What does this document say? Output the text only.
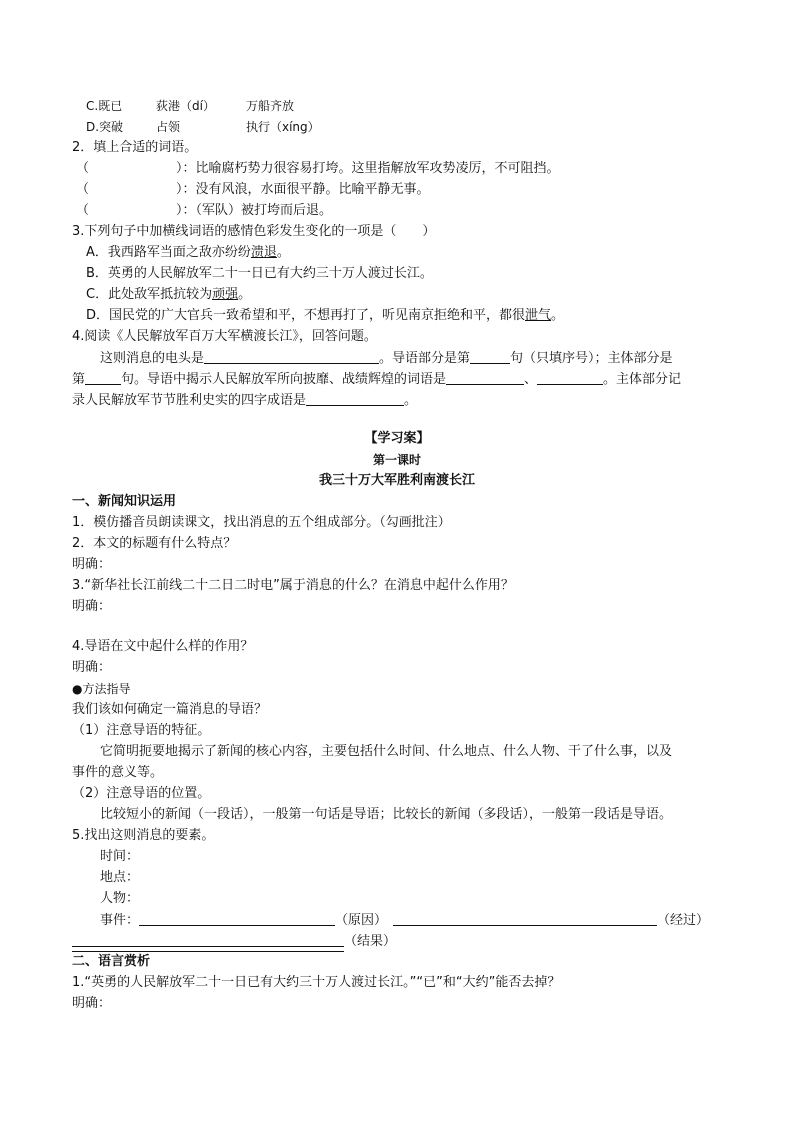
C.既已	荻港（dí）	万船齐放
D.突破	占领	执行（xíng）
2．填上合适的词语。
（	）：比喻腐朽势力很容易打垮。这里指解放军攻势凌厉，不可阻挡。
（	）：没有风浪，水面很平静。比喻平静无事。
（	）：（军队）被打垮而后退。
3.下列句子中加横线词语的感情色彩发生变化的一项是（　　）
A．我西路军当面之敌亦纷纷溃退。
B．英勇的人民解放军二十一日已有大约三十万人渡过长江。
C．此处敌军抵抗较为顽强。
D．国民党的广大官兵一致希望和平，不想再打了，听见南京拒绝和平，都很泄气。
4.阅读《人民解放军百万大军横渡长江》，回答问题。
这则消息的电头是	。导语部分是第	句（只填序号）；主体部分是
第	句。导语中揭示人民解放军所向披靡、战绩辉煌的词语是	、	。主体部分记
录人民解放军节节胜利史实的四字成语是	。
【学习案】
第一课时
我三十万大军胜利南渡长江
一、新闻知识运用
1．模仿播音员朗读课文，找出消息的五个组成部分。（勾画批注）
2．本文的标题有什么特点？
明确：
3.“新华社长江前线二十二日二时电”属于消息的什么？在消息中起什么作用？
明确：
4.导语在文中起什么样的作用？
明确：
●方法指导
我们该如何确定一篇消息的导语？
（1）注意导语的特征。
它简明扼要地揭示了新闻的核心内容，主要包括什么时间、什么地点、什么人物、干了什么事，以及
事件的意义等。
（2）注意导语的位置。
比较短小的新闻（一段话），一般第一句话是导语；比较长的新闻（多段话），一般第一段话是导语。
5.找出这则消息的要素。
时间：
地点：
人物：
事件：	（原因）	（经过）
（结果）
二、语言赏析
1.“英勇的人民解放军二十一日已有大约三十万人渡过长江。”“已”和“大约”能否去掉？
明确：
